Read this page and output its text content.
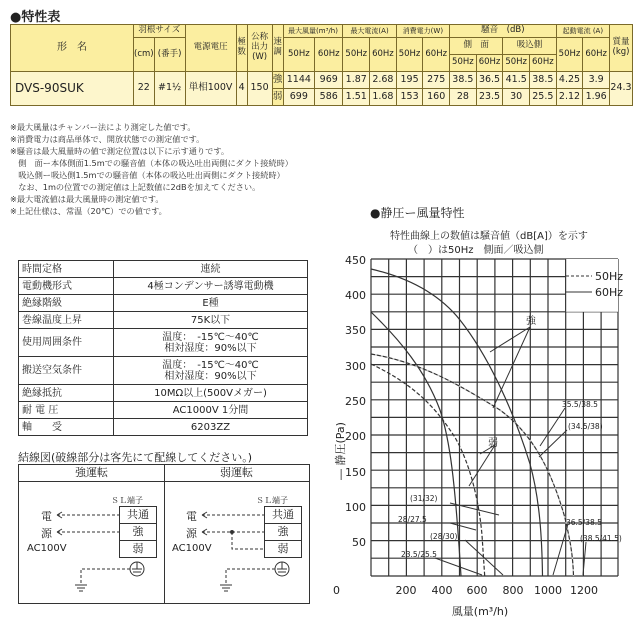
●特性表
形　名	羽根サイズ		電源電圧	極数	公称出力(W)	速調	最大風量(m³/h)		最大電流(A)		消費電力(W)		騒音　(dB)				起動電流 (A)		質量(kg)
	(cm)	(番手)					50Hz	60Hz	50Hz	60Hz	50Hz	60Hz	側　面		吸込側		50Hz	60Hz	
													50Hz	60Hz	50Hz	60Hz			
DVS-90SUK	22	#1½	単相100V	4	150	強	1144	969	1.87	2.68	195	275	38.5	36.5	41.5	38.5	4.25	3.9	24.3
						弱	699	586	1.51	1.68	153	160	28	23.5	30	25.5	2.12	1.96	
※最大風量はチャンバー法により測定した値です。
※消費電力は商品単体で、開放状態での測定値です。
※騒音は最大風量時の値で測定位置は以下に示す通りです。
　側　面ー本体側面1.5mでの騒音値（本体の吸込吐出両側にダクト接続時）
　吸込側ー吸込側1.5mでの騒音値（本体の吸込吐出両側にダクト接続時）
　なお、1mの位置での測定値は上記数値に2dBを加えてください。
※最大電流値は最大風量時の測定値です。
※上記仕様は、常温（20℃）での値です。
時間定格	連続
電動機形式	4極コンデンサー誘導電動機
絶縁階級	E種
巻線温度上昇	75K以下
使用周囲条件	温度：　-15℃～40℃
相対湿度：90%以下

搬送空気条件	温度：　-15℃～40℃
相対湿度：90%以下

絶縁抵抗	10MΩ以上(500Vメガー)
耐 電 圧	AC1000V 1分間
軸　　受	6203ZZ
結線図(破線部分は客先にて配線してください。)
強運転	弱運転
ＳＬ端子
共通
強
弱
電
源
AC100V
ＳＬ端子
共通
強
弱
電
源
AC100V
●静圧ー風量特性
特性曲線上の数値は騒音値（dB[A]）を示す
（　）は50Hz　側面／吸込側
450
400
350
300
250
200
150
100
50
0	200 400 600 800 1000 1200
50Hz
60Hz
強
弱
風量(m³/h)
35.5/38.5
(34.5/38)
(31/32)
28/27.5
(28/30)
23.5/25.5
36.5/38.5
(38.5/41.5)
― 静圧(Pa)
